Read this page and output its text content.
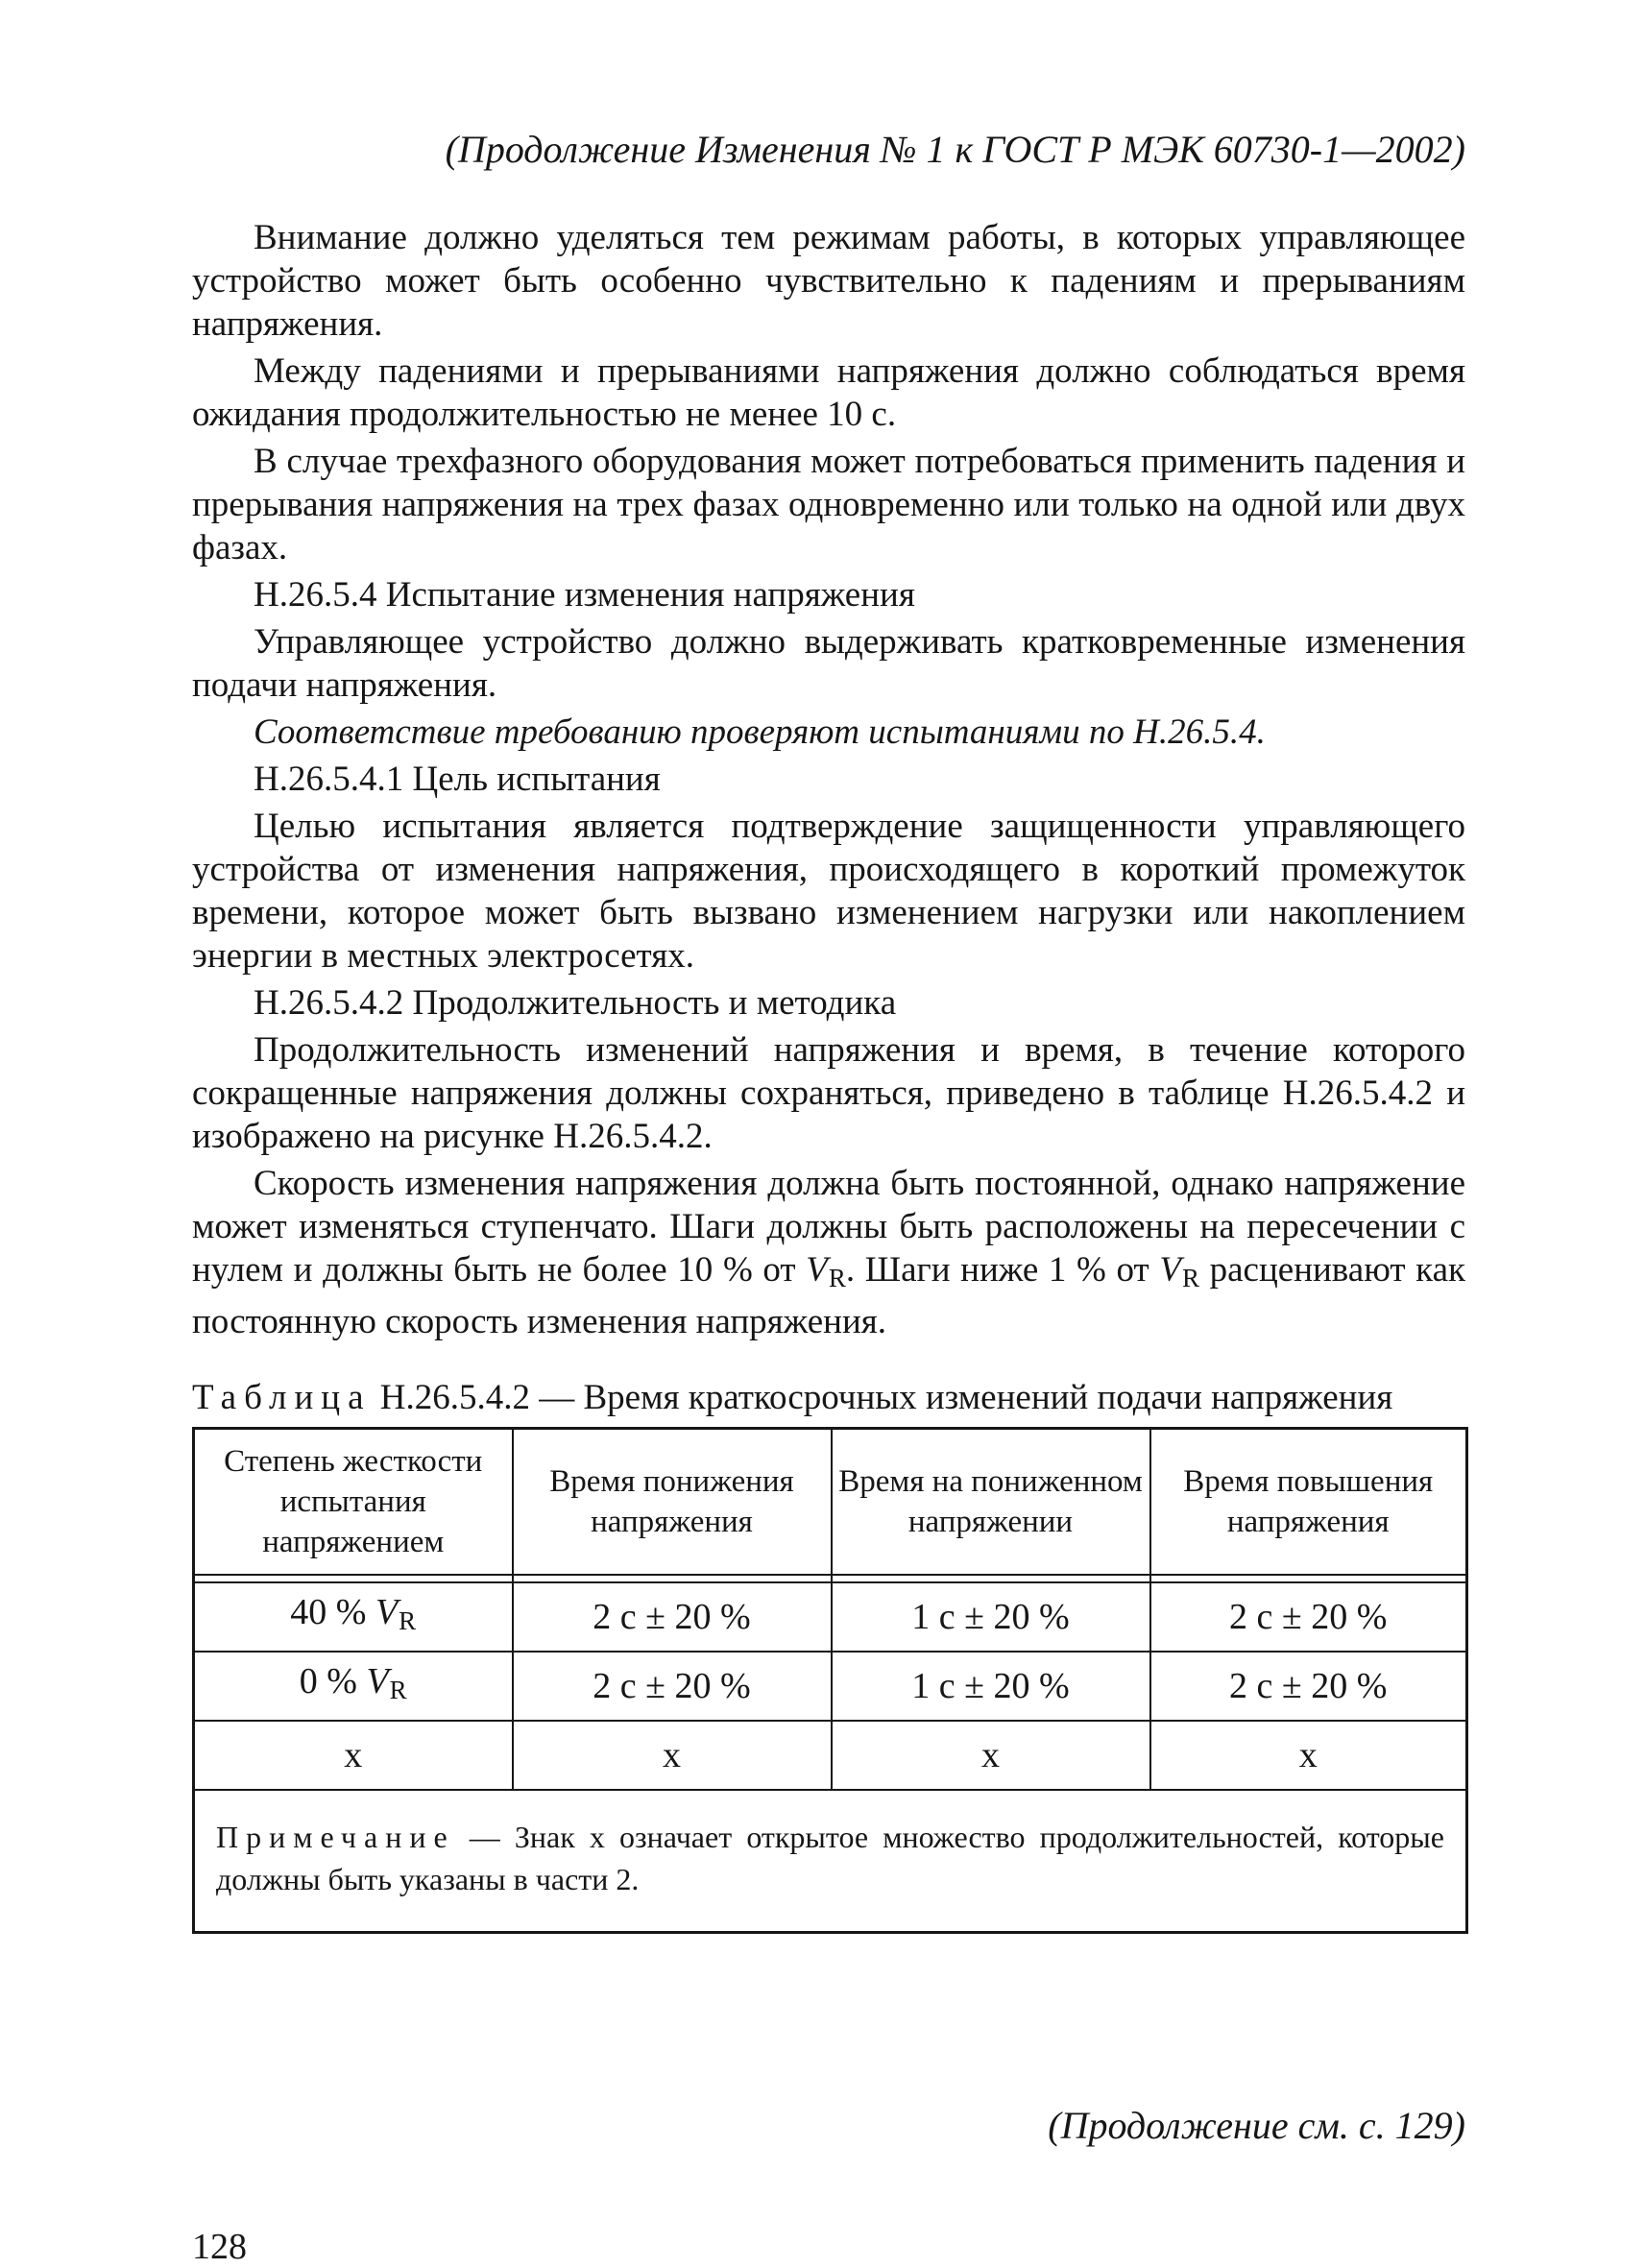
(Продолжение Изменения № 1 к ГОСТ Р МЭК 60730-1—2002)

Внимание должно уделяться тем режимам работы, в которых управляющее устройство может быть особенно чувствительно к падениям и прерываниям напряжения.

Между падениями и прерываниями напряжения должно соблюдаться время ожидания продолжительностью не менее 10 с.

В случае трехфазного оборудования может потребоваться применить падения и прерывания напряжения на трех фазах одновременно или только на одной или двух фазах.

Н.26.5.4 Испытание изменения напряжения

Управляющее устройство должно выдерживать кратковременные изменения подачи напряжения.

Соответствие требованию проверяют испытаниями по Н.26.5.4.

Н.26.5.4.1 Цель испытания

Целью испытания является подтверждение защищенности управляющего устройства от изменения напряжения, происходящего в короткий промежуток времени, которое может быть вызвано изменением нагрузки или накоплением энергии в местных электросетях.

Н.26.5.4.2 Продолжительность и методика

Продолжительность изменений напряжения и время, в течение которого сокращенные напряжения должны сохраняться, приведено в таблице Н.26.5.4.2 и изображено на рисунке Н.26.5.4.2.

Скорость изменения напряжения должна быть постоянной, однако напряжение может изменяться ступенчато. Шаги должны быть расположены на пересечении с нулем и должны быть не более 10 % от $V_R$. Шаги ниже 1 % от $V_R$ расценивают как постоянную скорость изменения напряжения.

Таблица Н.26.5.4.2 — Время краткосрочных изменений подачи напряжения

Степень жесткости испытания напряжением	Время понижения напряжения	Время на пониженном напряжении	Время повышения напряжения

40 % $V_R$	2 с ± 20 %	1 с ± 20 %	2 с ± 20 %
0 % $V_R$	2 с ± 20 %	1 с ± 20 %	2 с ± 20 %
х	х	х	х
Примечание — Знак х означает открытое множество продолжительностей, которые должны быть указаны в части 2.			
(Продолжение см. с. 129)
128
